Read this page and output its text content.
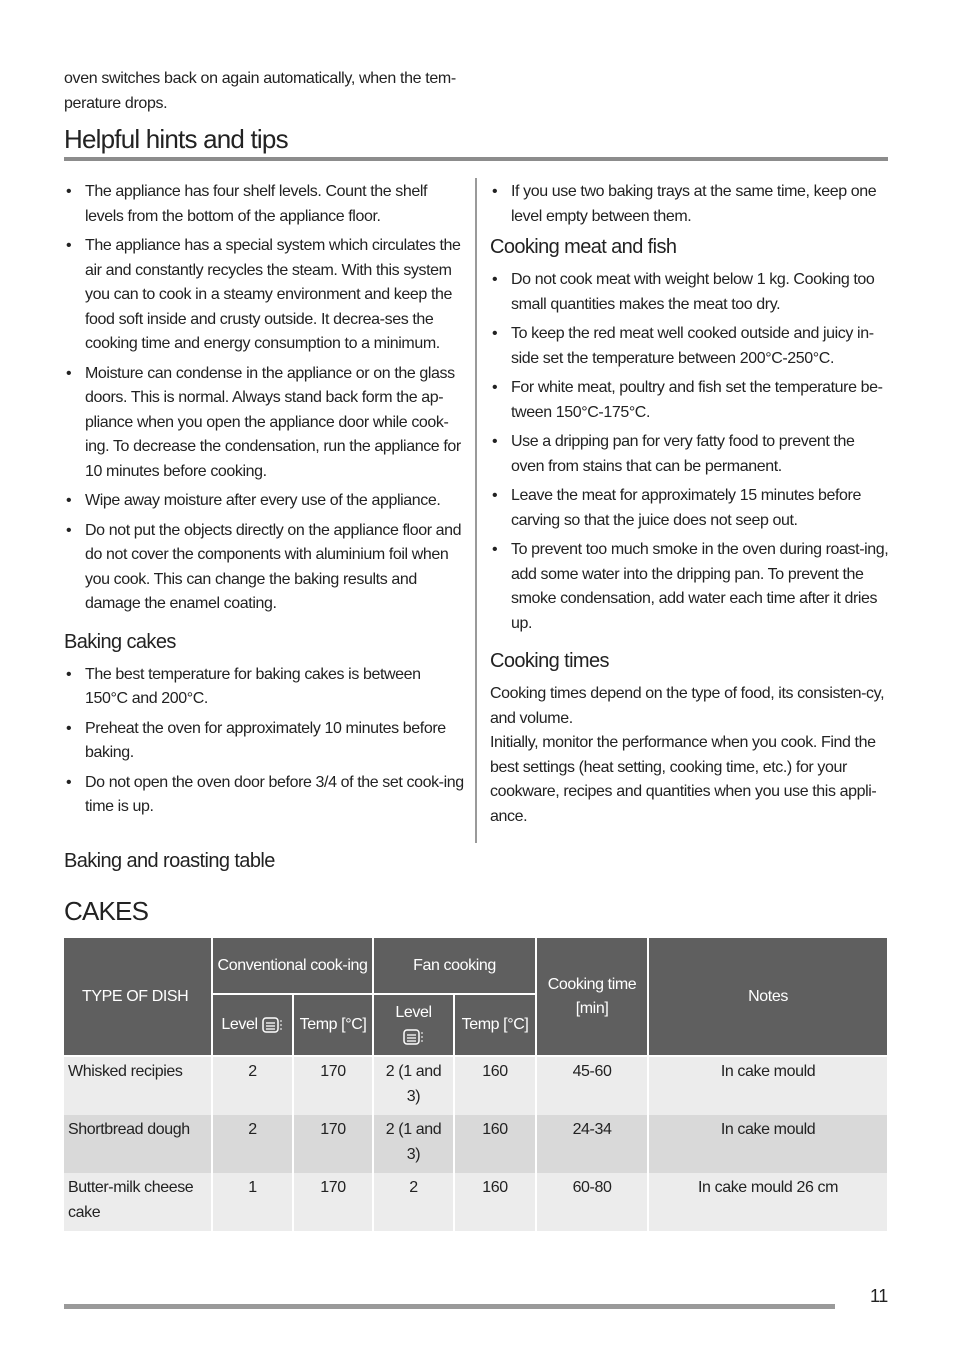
oven switches back on again automatically, when the tem-perature drops.
Helpful hints and tips
• The appliance has four shelf levels. Count the shelf levels from the bottom of the appliance floor.
• The appliance has a special system which circulates the air and constantly recycles the steam. With this system you can to cook in a steamy environment and keep the food soft inside and crusty outside. It decrea-ses the cooking time and energy consumption to a minimum.
• Moisture can condense in the appliance or on the glass doors. This is normal. Always stand back form the ap-pliance when you open the appliance door while cook-ing. To decrease the condensation, run the appliance for 10 minutes before cooking.
• Wipe away moisture after every use of the appliance.
• Do not put the objects directly on the appliance floor and do not cover the components with aluminium foil when you cook. This can change the baking results and damage the enamel coating.
Baking cakes
• The best temperature for baking cakes is between 150°C and 200°C.
• Preheat the oven for approximately 10 minutes before baking.
• Do not open the oven door before 3/4 of the set cook-ing time is up.
• If you use two baking trays at the same time, keep one level empty between them.
Cooking meat and fish
• Do not cook meat with weight below 1 kg. Cooking too small quantities makes the meat too dry.
• To keep the red meat well cooked outside and juicy in-side set the temperature between 200°C-250°C.
• For white meat, poultry and fish set the temperature be-tween 150°C-175°C.
• Use a dripping pan for very fatty food to prevent the oven from stains that can be permanent.
• Leave the meat for approximately 15 minutes before carving so that the juice does not seep out.
• To prevent too much smoke in the oven during roast-ing, add some water into the dripping pan. To prevent the smoke condensation, add water each time after it dries up.
Cooking times

Cooking times depend on the type of food, its consisten-cy, and volume.

Initially, monitor the performance when you cook. Find the best settings (heat setting, cooking time, etc.) for your cookware, recipes and quantities when you use this appli-ance.

Baking and roasting table
CAKES
TYPE OF DISH	Conventional cook-ing		Fan cooking		Cooking time [min]	Notes
	Level	Temp [°C]	Level	Temp [°C]		
Whisked recipies	2	170	2 (1 and 3)	160	45-60	In cake mould
Shortbread dough	2	170	2 (1 and 3)	160	24-34	In cake mould
Butter-milk cheese cake	1	170	2	160	60-80	In cake mould 26 cm
11
